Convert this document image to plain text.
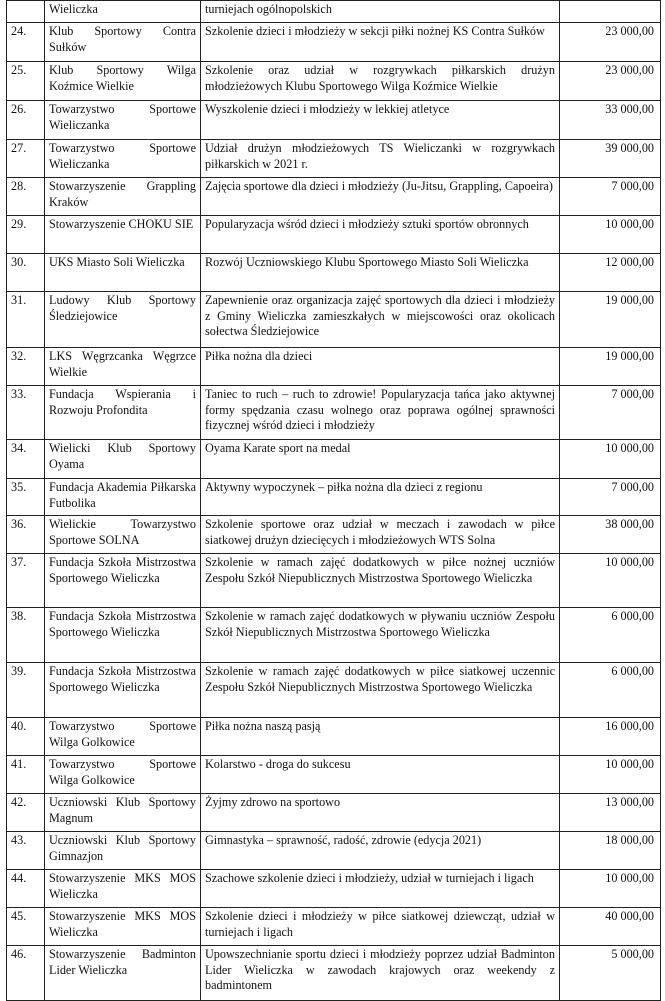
	Wieliczka	turniejach ogólnopolskich	
24.	Klub Sportowy Contra Sułków	Szkolenie dzieci i młodzieży w sekcji piłki nożnej KS Contra Sułków	23 000,00
25.	Klub Sportowy Wilga Koźmice Wielkie	Szkolenie oraz udział w rozgrywkach piłkarskich drużyn młodzieżowych Klubu Sportowego Wilga Koźmice Wielkie	23 000,00
26.	Towarzystwo Sportowe Wieliczanka	Wyszkolenie dzieci i młodzieży w lekkiej atletyce	33 000,00
27.	Towarzystwo Sportowe Wieliczanka	Udział drużyn młodzieżowych TS Wieliczanki w rozgrywkach piłkarskich w 2021 r.	39 000,00
28.	Stowarzyszenie Grappling Kraków	Zajęcia sportowe dla dzieci i młodzieży (Ju-Jitsu, Grappling, Capoeira)	7 000,00
29.	Stowarzyszenie CHOKU SIE	Popularyzacja wśród dzieci i młodzieży sztuki sportów obronnych	10 000,00
30.	UKS Miasto Soli Wieliczka	Rozwój Uczniowskiego Klubu Sportowego Miasto Soli Wieliczka	12 000,00
31.	Ludowy Klub Sportowy Śledziejowice	Zapewnienie oraz organizacja zajęć sportowych dla dzieci i młodzieży z Gminy Wieliczka zamieszkałych w miejscowości oraz okolicach sołectwa Śledziejowice	19 000,00
32.	LKS Węgrzcanka Węgrzce Wielkie	Piłka nożna dla dzieci	19 000,00
33.	Fundacja Wspierania i Rozwoju Profondita	Taniec to ruch – ruch to zdrowie! Popularyzacja tańca jako aktywnej formy spędzania czasu wolnego oraz poprawa ogólnej sprawności fizycznej wśród dzieci i młodzieży	7 000,00
34.	Wielicki Klub Sportowy Oyama	Oyama Karate sport na medal	10 000,00
35.	Fundacja Akademia Piłkarska Futbolika	Aktywny wypoczynek – piłka nożna dla dzieci z regionu	7 000,00
36.	Wielickie Towarzystwo Sportowe SOLNA	Szkolenie sportowe oraz udział w meczach i zawodach w piłce siatkowej drużyn dziecięcych i młodzieżowych WTS Solna	38 000,00
37.	Fundacja Szkoła Mistrzostwa Sportowego Wieliczka	Szkolenie w ramach zajęć dodatkowych w piłce nożnej uczniów Zespołu Szkół Niepublicznych Mistrzostwa Sportowego Wieliczka	10 000,00
38.	Fundacja Szkoła Mistrzostwa Sportowego Wieliczka	Szkolenie w ramach zajęć dodatkowych w pływaniu uczniów Zespołu Szkół Niepublicznych Mistrzostwa Sportowego Wieliczka	6 000,00
39.	Fundacja Szkoła Mistrzostwa Sportowego Wieliczka	Szkolenie w ramach zajęć dodatkowych w piłce siatkowej uczennic Zespołu Szkół Niepublicznych Mistrzostwa Sportowego Wieliczka	6 000,00
40.	Towarzystwo Sportowe Wilga Golkowice	Piłka nożna naszą pasją	16 000,00
41.	Towarzystwo Sportowe Wilga Golkowice	Kolarstwo - droga do sukcesu	10 000,00
42.	Uczniowski Klub Sportowy Magnum	Żyjmy zdrowo na sportowo	13 000,00
43.	Uczniowski Klub Sportowy Gimnazjon	Gimnastyka – sprawność, radość, zdrowie (edycja 2021)	18 000,00
44.	Stowarzyszenie MKS MOS Wieliczka	Szachowe szkolenie dzieci i młodzieży, udział w turniejach i ligach	10 000,00
45.	Stowarzyszenie MKS MOS Wieliczka	Szkolenie dzieci i młodzieży w piłce siatkowej dziewcząt, udział w turniejach i ligach	40 000,00
46.	Stowarzyszenie Badminton Lider Wieliczka	Upowszechnianie sportu dzieci i młodzieży poprzez udział Badminton Lider Wieliczka w zawodach krajowych oraz weekendy z badmintonem	5 000,00
